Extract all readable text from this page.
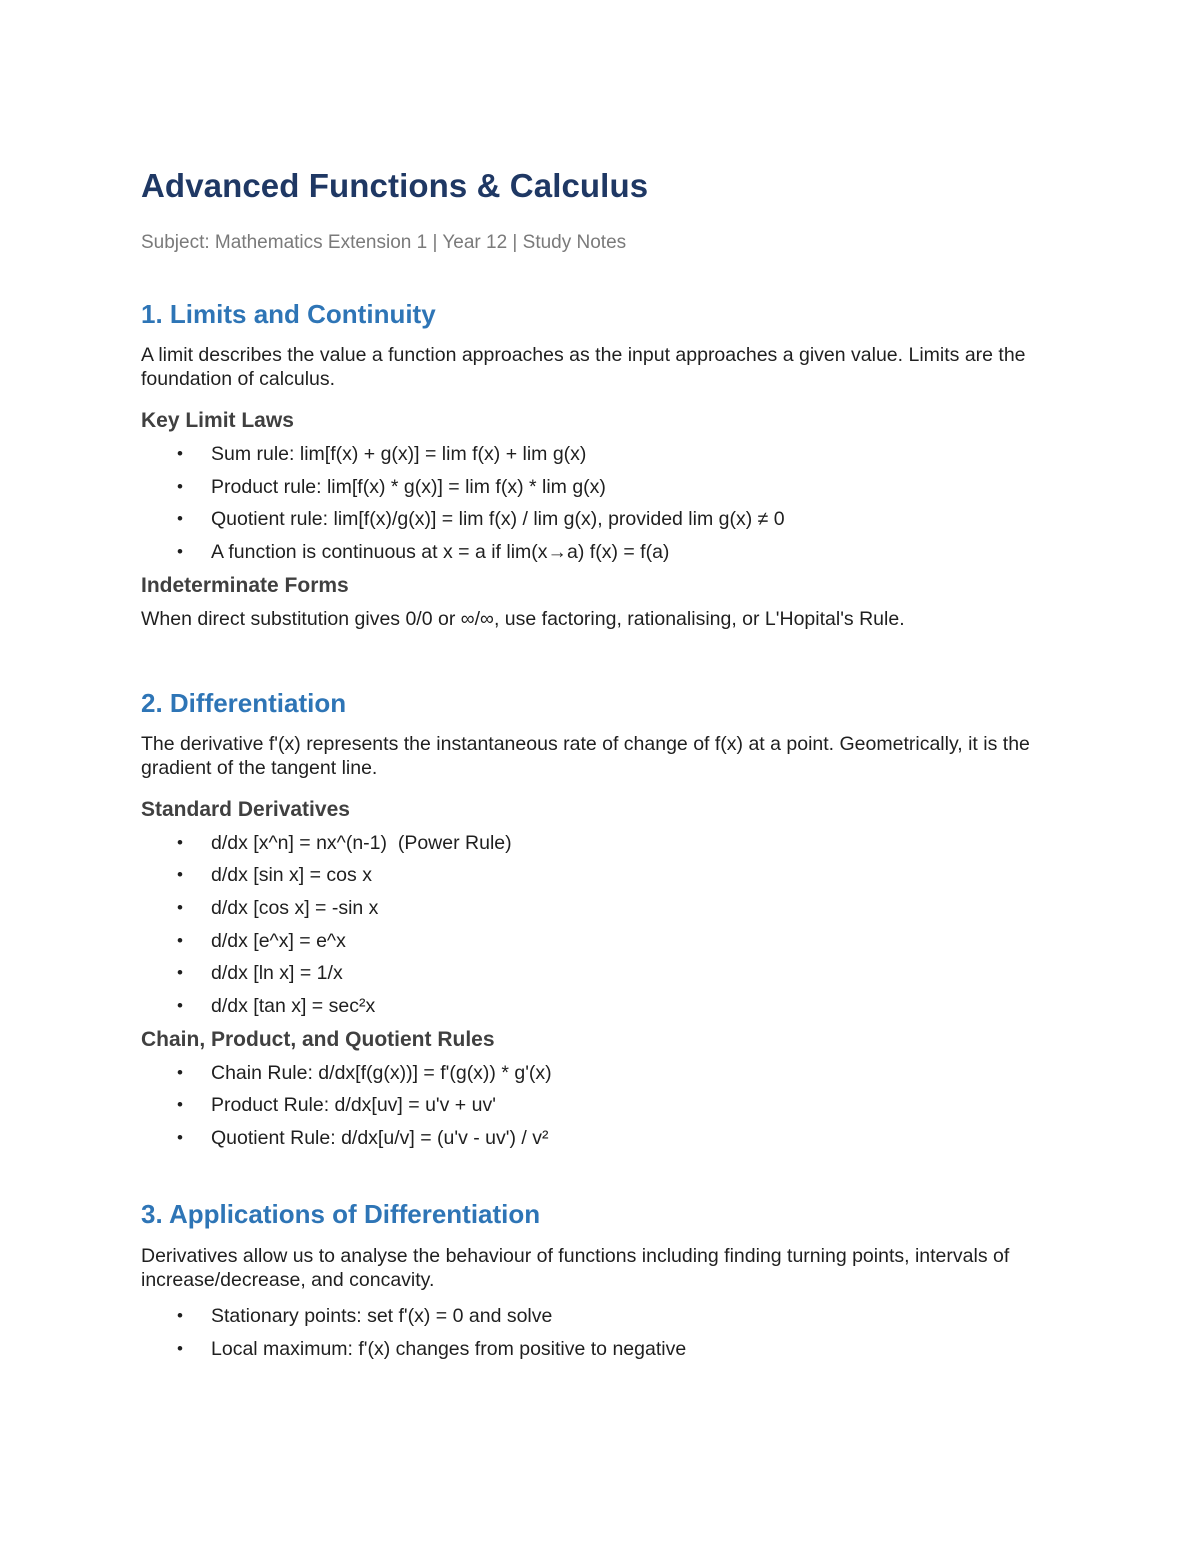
Advanced Functions & Calculus

Subject: Mathematics Extension 1 | Year 12 | Study Notes

1. Limits and Continuity

A limit describes the value a function approaches as the input approaches a given value. Limits are the foundation of calculus.

Key Limit Laws
• Sum rule: lim[f(x) + g(x)] = lim f(x) + lim g(x)
• Product rule: lim[f(x) * g(x)] = lim f(x) * lim g(x)
• Quotient rule: lim[f(x)/g(x)] = lim f(x) / lim g(x), provided lim g(x) ≠ 0
• A function is continuous at x = a if lim(x→a) f(x) = f(a)
Indeterminate Forms

When direct substitution gives 0/0 or ∞/∞, use factoring, rationalising, or L'Hopital's Rule.

2. Differentiation

The derivative f'(x) represents the instantaneous rate of change of f(x) at a point. Geometrically, it is the gradient of the tangent line.

Standard Derivatives
• d/dx [x^n] = nx^(n-1)  (Power Rule)
• d/dx [sin x] = cos x
• d/dx [cos x] = -sin x
• d/dx [e^x] = e^x
• d/dx [ln x] = 1/x
• d/dx [tan x] = sec²x
Chain, Product, and Quotient Rules
• Chain Rule: d/dx[f(g(x))] = f'(g(x)) * g'(x)
• Product Rule: d/dx[uv] = u'v + uv'
• Quotient Rule: d/dx[u/v] = (u'v - uv') / v²
3. Applications of Differentiation

Derivatives allow us to analyse the behaviour of functions including finding turning points, intervals of increase/decrease, and concavity.

• Stationary points: set f'(x) = 0 and solve
• Local maximum: f'(x) changes from positive to negative
